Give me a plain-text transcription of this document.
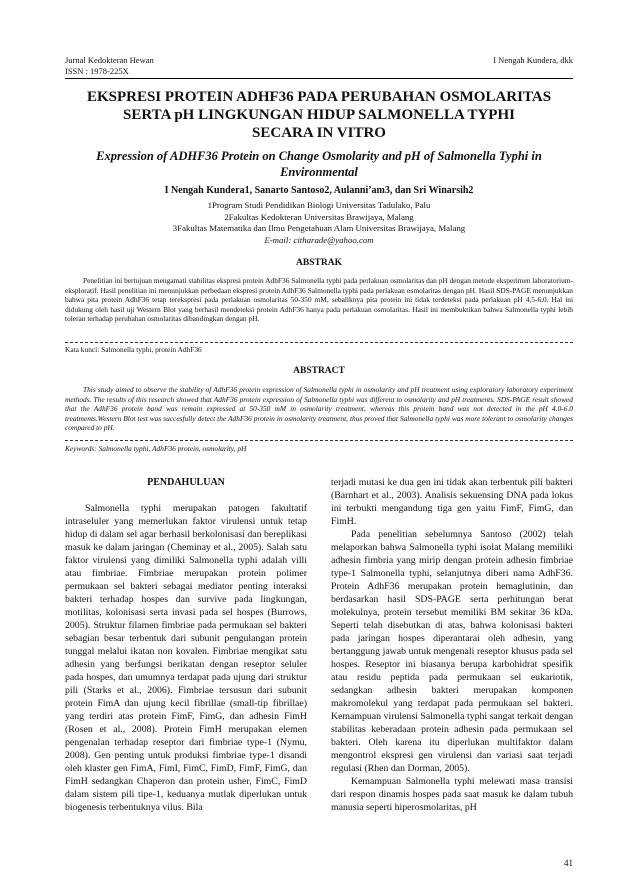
Jurnal Kedokteran Hewan
ISSN : 1978-225X
I Nengah Kundera, dkk
EKSPRESI PROTEIN ADHF36 PADA PERUBAHAN OSMOLARITAS
SERTA pH LINGKUNGAN HIDUP SALMONELLA TYPHI
SECARA IN VITRO
Expression of ADHF36 Protein on Change Osmolarity and pH of Salmonella Typhi in
Environmental
I Nengah Kundera1, Sanarto Santoso2, Aulanni’am3, dan Sri Winarsih2
1Program Studi Pendidikan Biologi Universitas Tadulako, Palu
2Fakultas Kedokteran Universitas Brawijaya, Malang
3Fakultas Matematika dan Ilmu Pengetahuan Alam Universitas Brawijaya, Malang
E-mail: citharade@yahoo.com
ABSTRAK

Penelitian ini bertujuan mengamati stabilitas ekspresi protein AdhF36 Salmonella typhi pada perlakuan osmolaritas dan pH dengan metode eksperimen laboratorium-eksploratif. Hasil penelitian ini menunjukkan perbedaan ekspresi protein AdhF36 Salmonella typhi pada perlakuan osmolaritas dengan pH. Hasil SDS-PAGE menunjukkan bahwa pita protein AdhF36 tetap terekspresi pada perlakuan osmolaritas 50-350 mM, sebaliknya pita protein ini tidak terdeteksi pada perlakuan pH 4,5-6,0. Hal ini didukung oleh hasil uji Western Blot yang berhasil mendeteksi protein AdhF36 hanya pada perlakuan osmolaritas. Hasil ini membuktikan bahwa Salmonella typhi lebih toleran terhadap perubahan osmolaritas dibandingkan dengan pH.

Kata kunci: Salmonella typhi, protein AdhF36
ABSTRACT

This study aimed to observe the stability of AdhF36 protein expression of Salmonella typhi in osmolarity and pH treatment using exploratory laboratory experiment methods. The results of this research showed that AdhF36 protein expression of Salmonella typhi was different to osmolarity and pH treatments. SDS-PAGE result showed that the AdhF36 protein band was remain expressed at 50-350 mM in osmolarity treatment, whereas this protein band was not detected in the pH 4.0-6.0 treatments.Western Blot test was succesfully detect the AdhF36 protein in osmolarity treatment, thus proved that Salmonella typhi was more tolerant to osmolarity changes compared to pH.

Keywords: Salmonella typhi, AdhF36 protein, osmolarity, pH
PENDAHULUAN

Salmonella typhi merupakan patogen fakultatif intraseluler yang memerlukan faktor virulensi untuk tetap hidup di dalam sel agar berhasil berkolonisasi dan bereplikasi masuk ke dalam jaringan (Cheminay et al., 2005). Salah satu faktor virulensi yang dimiliki Salmonella typhi adalah villi atau fimbriae. Fimbriae merupakan protein polimer permukaan sel bakteri sebagai mediator penting interaksi bakteri terhadap hospes dan survive pada lingkungan, motilitas, kolonisasi serta invasi pada sel hospes (Burrows, 2005). Struktur filamen fimbriae pada permukaan sel bakteri sebagian besar terbentuk dari subunit pengulangan protein tunggal melalui ikatan non kovalen. Fimbriae mengikat satu adhesin yang berfungsi berikatan dengan reseptor seluler pada hospes, dan umumnya terdapat pada ujung dari struktur pili (Starks et al., 2006). Fimbriae tersusun dari subunit protein FimA dan ujung kecil fibrillae (small-tip fibrillae) yang terdiri atas protein FimF, FimG, dan adhesin FimH (Rosen et al., 2008). Protein FimH merupakan elemen pengenalan terhadap reseptor dari fimbriae type-1 (Nymu, 2008). Gen penting untuk produksi fimbriae type-1 disandi oleh klaster gen FimA, FimI, FimC, FimD, FimF, FimG, dan FimH sedangkan Chaperon dan protein usher, FimC, FimD dalam sistem pili tipe-1, keduanya mutlak diperlukan untuk biogenesis terbentuknya vilus. Bila

terjadi mutasi ke dua gen ini tidak akan terbentuk pili bakteri (Barnhart et al., 2003). Analisis sekuensing DNA pada lokus ini terbukti mengandung tiga gen yaitu FimF, FimG, dan FimH.

Pada penelitian sebelumnya Santoso (2002) telah melaporkan bahwa Salmonella typhi isolat Malang memiliki adhesin fimbria yang mirip dengan protein adhesin fimbriae type-1 Salmonella typhi, selanjutnya diberi nama AdhF36. Protein AdhF36 merupakan protein hemaglutinin, dan berdasarkan hasil SDS-PAGE serta perhitungan berat molekulnya, protein tersebut memiliki BM sekitar 36 kDa. Seperti telah disebutkan di atas, bahwa kolonisasi bakteri pada jaringan hospes diperantarai oleh adhesin, yang bertanggung jawab untuk mengenali reseptor khusus pada sel hospes. Reseptor ini biasanya berupa karbohidrat spesifik atau residu peptida pada permukaan sel eukariotik, sedangkan adhesin bakteri merupakan komponen makromolekul yang terdapat pada permukaan sel bakteri. Kemampuan virulensi Salmonella typhi sangat terkait dengan stabilitas keberadaan protein adhesin pada permukaan sel bakteri. Oleh karena itu diperlukan multifaktor dalam mengontrol ekspresi gen virulensi dan variasi saat terjadi regulasi (Rhen dan Dorman, 2005).

Kemampuan Salmonella typhi melewati masa transisi dari respon dinamis hospes pada saat masuk ke dalam tubuh manusia seperti hiperosmolaritas, pH

41
